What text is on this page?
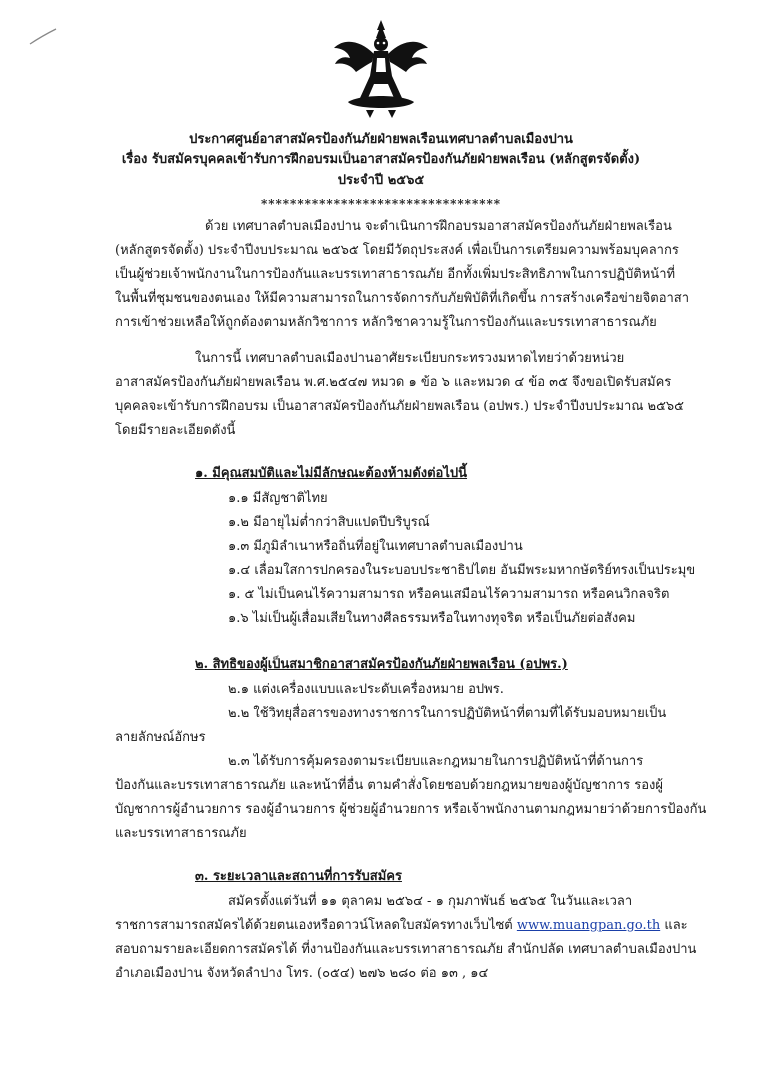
ประกาศศูนย์อาสาสมัครป้องกันภัยฝ่ายพลเรือนเทศบาลตำบลเมืองปาน
เรื่อง รับสมัครบุคคลเข้ารับการฝึกอบรมเป็นอาสาสมัครป้องกันภัยฝ่ายพลเรือน (หลักสูตรจัดตั้ง)
ประจำปี ๒๕๖๕
*********************************
ด้วย เทศบาลตำบลเมืองปาน จะดำเนินการฝึกอบรมอาสาสมัครป้องกันภัยฝ่ายพลเรือน
(หลักสูตรจัดตั้ง) ประจำปีงบประมาณ ๒๕๖๕ โดยมีวัตถุประสงค์ เพื่อเป็นการเตรียมความพร้อมบุคลากร
เป็นผู้ช่วยเจ้าพนักงานในการป้องกันและบรรเทาสาธารณภัย อีกทั้งเพิ่มประสิทธิภาพในการปฏิบัติหน้าที่
ในพื้นที่ชุมชนของตนเอง ให้มีความสามารถในการจัดการกับภัยพิบัติที่เกิดขึ้น การสร้างเครือข่ายจิตอาสา
การเข้าช่วยเหลือให้ถูกต้องตามหลักวิชาการ หลักวิชาความรู้ในการป้องกันและบรรเทาสาธารณภัย
ในการนี้ เทศบาลตำบลเมืองปานอาศัยระเบียบกระทรวงมหาดไทยว่าด้วยหน่วย
อาสาสมัครป้องกันภัยฝ่ายพลเรือน พ.ศ.๒๕๔๗ หมวด ๑ ข้อ ๖ และหมวด ๔ ข้อ ๓๕ จึงขอเปิดรับสมัคร
บุคคลจะเข้ารับการฝึกอบรม เป็นอาสาสมัครป้องกันภัยฝ่ายพลเรือน (อปพร.) ประจำปีงบประมาณ ๒๕๖๕
โดยมีรายละเอียดดังนี้
๑. มีคุณสมบัติและไม่มีลักษณะต้องห้ามดังต่อไปนี้
๑.๑ มีสัญชาติไทย
๑.๒ มีอายุไม่ต่ำกว่าสิบแปดปีบริบูรณ์
๑.๓ มีภูมิลำเนาหรือถิ่นที่อยู่ในเทศบาลตำบลเมืองปาน
๑.๔ เลื่อมใสการปกครองในระบอบประชาธิปไตย อันมีพระมหากษัตริย์ทรงเป็นประมุข
๑. ๕ ไม่เป็นคนไร้ความสามารถ หรือคนเสมือนไร้ความสามารถ หรือคนวิกลจริต
๑.๖ ไม่เป็นผู้เสื่อมเสียในทางศีลธรรมหรือในทางทุจริต หรือเป็นภัยต่อสังคม
๒. สิทธิของผู้เป็นสมาชิกอาสาสมัครป้องกันภัยฝ่ายพลเรือน (อปพร.)
๒.๑ แต่งเครื่องแบบและประดับเครื่องหมาย อปพร.
๒.๒ ใช้วิทยุสื่อสารของทางราชการในการปฏิบัติหน้าที่ตามที่ได้รับมอบหมายเป็น
ลายลักษณ์อักษร
๒.๓ ได้รับการคุ้มครองตามระเบียบและกฎหมายในการปฏิบัติหน้าที่ด้านการ
ป้องกันและบรรเทาสาธารณภัย และหน้าที่อื่น ตามคำสั่งโดยชอบด้วยกฎหมายของผู้บัญชาการ รองผู้
บัญชาการผู้อำนวยการ รองผู้อำนวยการ ผู้ช่วยผู้อำนวยการ หรือเจ้าพนักงานตามกฎหมายว่าด้วยการป้องกัน
และบรรเทาสาธารณภัย
๓. ระยะเวลาและสถานที่การรับสมัคร
สมัครตั้งแต่วันที่ ๑๑ ตุลาคม ๒๕๖๔ - ๑ กุมภาพันธ์ ๒๕๖๕ ในวันและเวลา
ราชการสามารถสมัครได้ด้วยตนเองหรือดาวน์โหลดใบสมัครทางเว็บไซต์ www.muangpan.go.th และ
สอบถามรายละเอียดการสมัครได้ ที่งานป้องกันและบรรเทาสาธารณภัย สำนักปลัด เทศบาลตำบลเมืองปาน
อำเภอเมืองปาน จังหวัดลำปาง โทร. (๐๕๔) ๒๗๖ ๒๘๐ ต่อ ๑๓ , ๑๔
